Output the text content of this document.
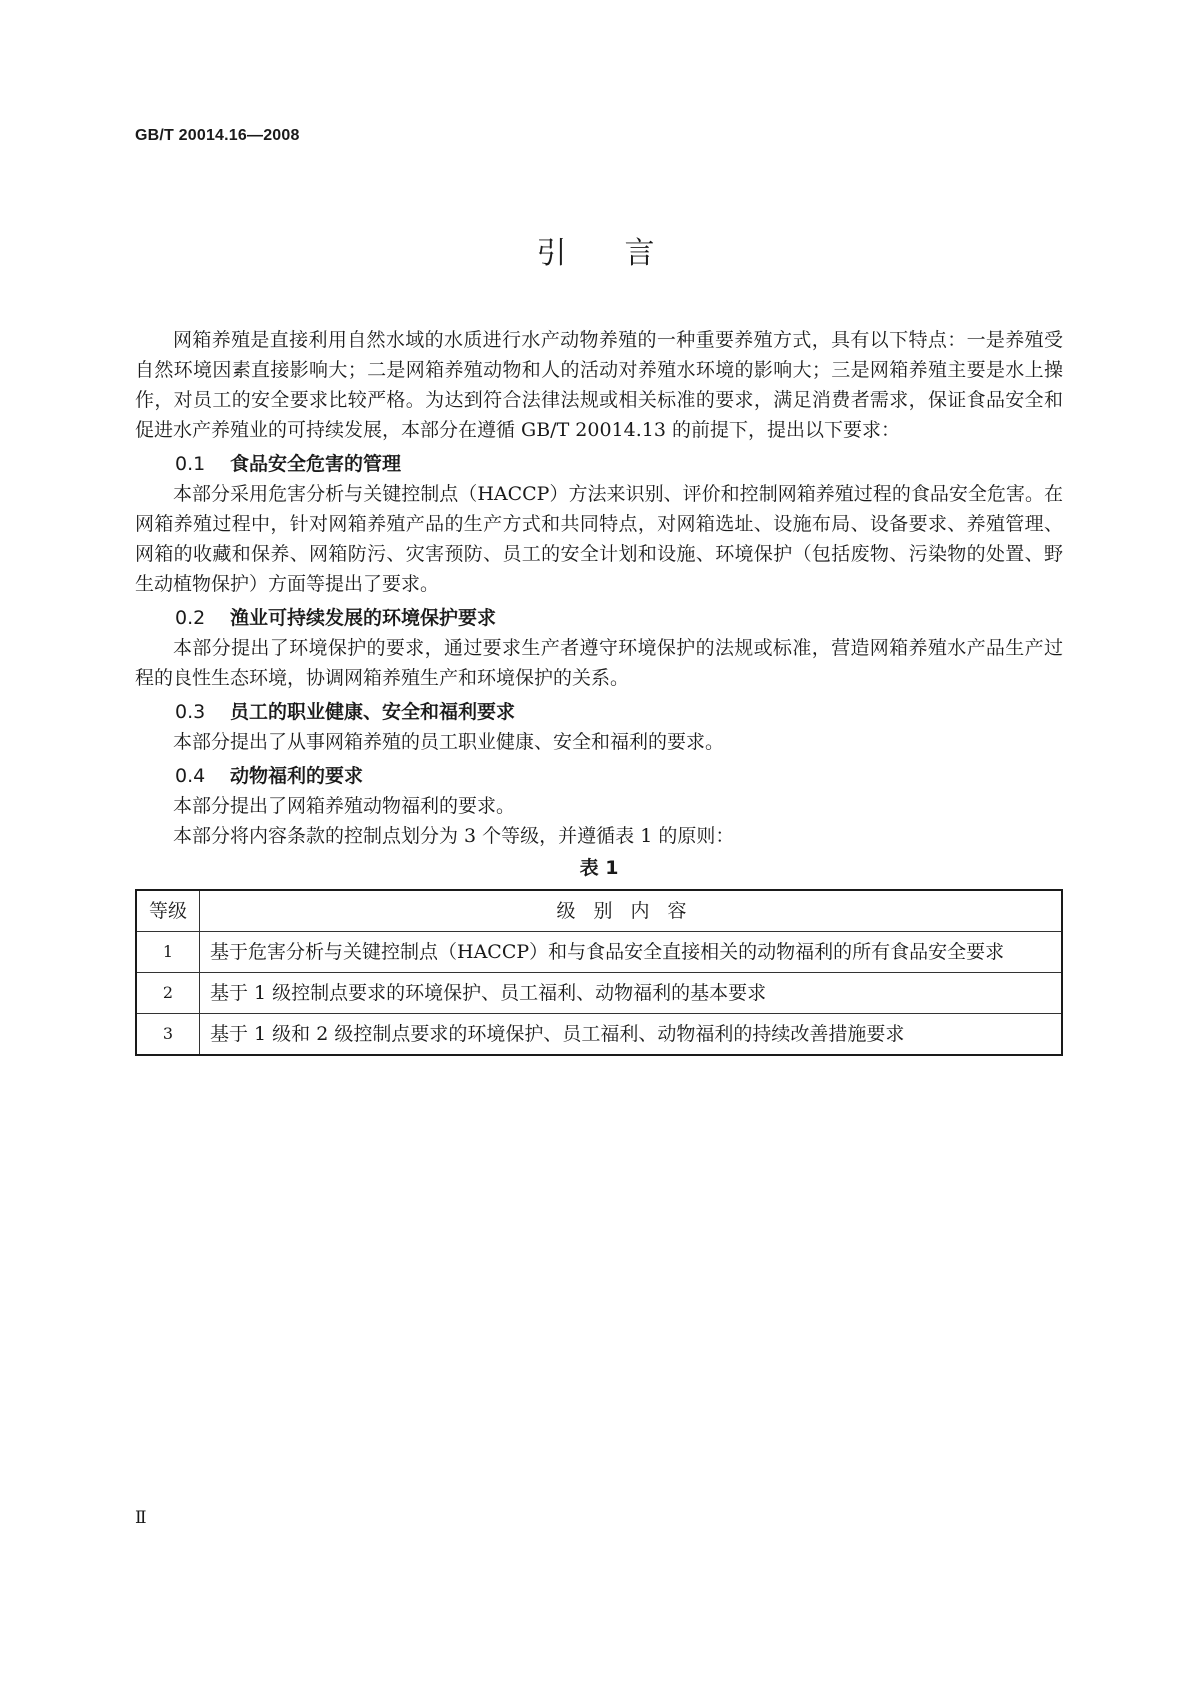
GB/T 20014.16—2008
引言

网箱养殖是直接利用自然水域的水质进行水产动物养殖的一种重要养殖方式，具有以下特点：一是养殖受自然环境因素直接影响大；二是网箱养殖动物和人的活动对养殖水环境的影响大；三是网箱养殖主要是水上操作，对员工的安全要求比较严格。为达到符合法律法规或相关标准的要求，满足消费者需求，保证食品安全和促进水产养殖业的可持续发展，本部分在遵循 GB/T 20014.13 的前提下，提出以下要求：

0.1 食品安全危害的管理

本部分采用危害分析与关键控制点（HACCP）方法来识别、评价和控制网箱养殖过程的食品安全危害。在网箱养殖过程中，针对网箱养殖产品的生产方式和共同特点，对网箱选址、设施布局、设备要求、养殖管理、网箱的收藏和保养、网箱防污、灾害预防、员工的安全计划和设施、环境保护（包括废物、污染物的处置、野生动植物保护）方面等提出了要求。

0.2 渔业可持续发展的环境保护要求

本部分提出了环境保护的要求，通过要求生产者遵守环境保护的法规或标准，营造网箱养殖水产品生产过程的良性生态环境，协调网箱养殖生产和环境保护的关系。

0.3 员工的职业健康、安全和福利要求

本部分提出了从事网箱养殖的员工职业健康、安全和福利的要求。

0.4 动物福利的要求

本部分提出了网箱养殖动物福利的要求。

本部分将内容条款的控制点划分为 3 个等级，并遵循表 1 的原则：

表 1
等级	级别内容
1	基于危害分析与关键控制点（HACCP）和与食品安全直接相关的动物福利的所有食品安全要求
2	基于 1 级控制点要求的环境保护、员工福利、动物福利的基本要求
3	基于 1 级和 2 级控制点要求的环境保护、员工福利、动物福利的持续改善措施要求
Ⅱ
